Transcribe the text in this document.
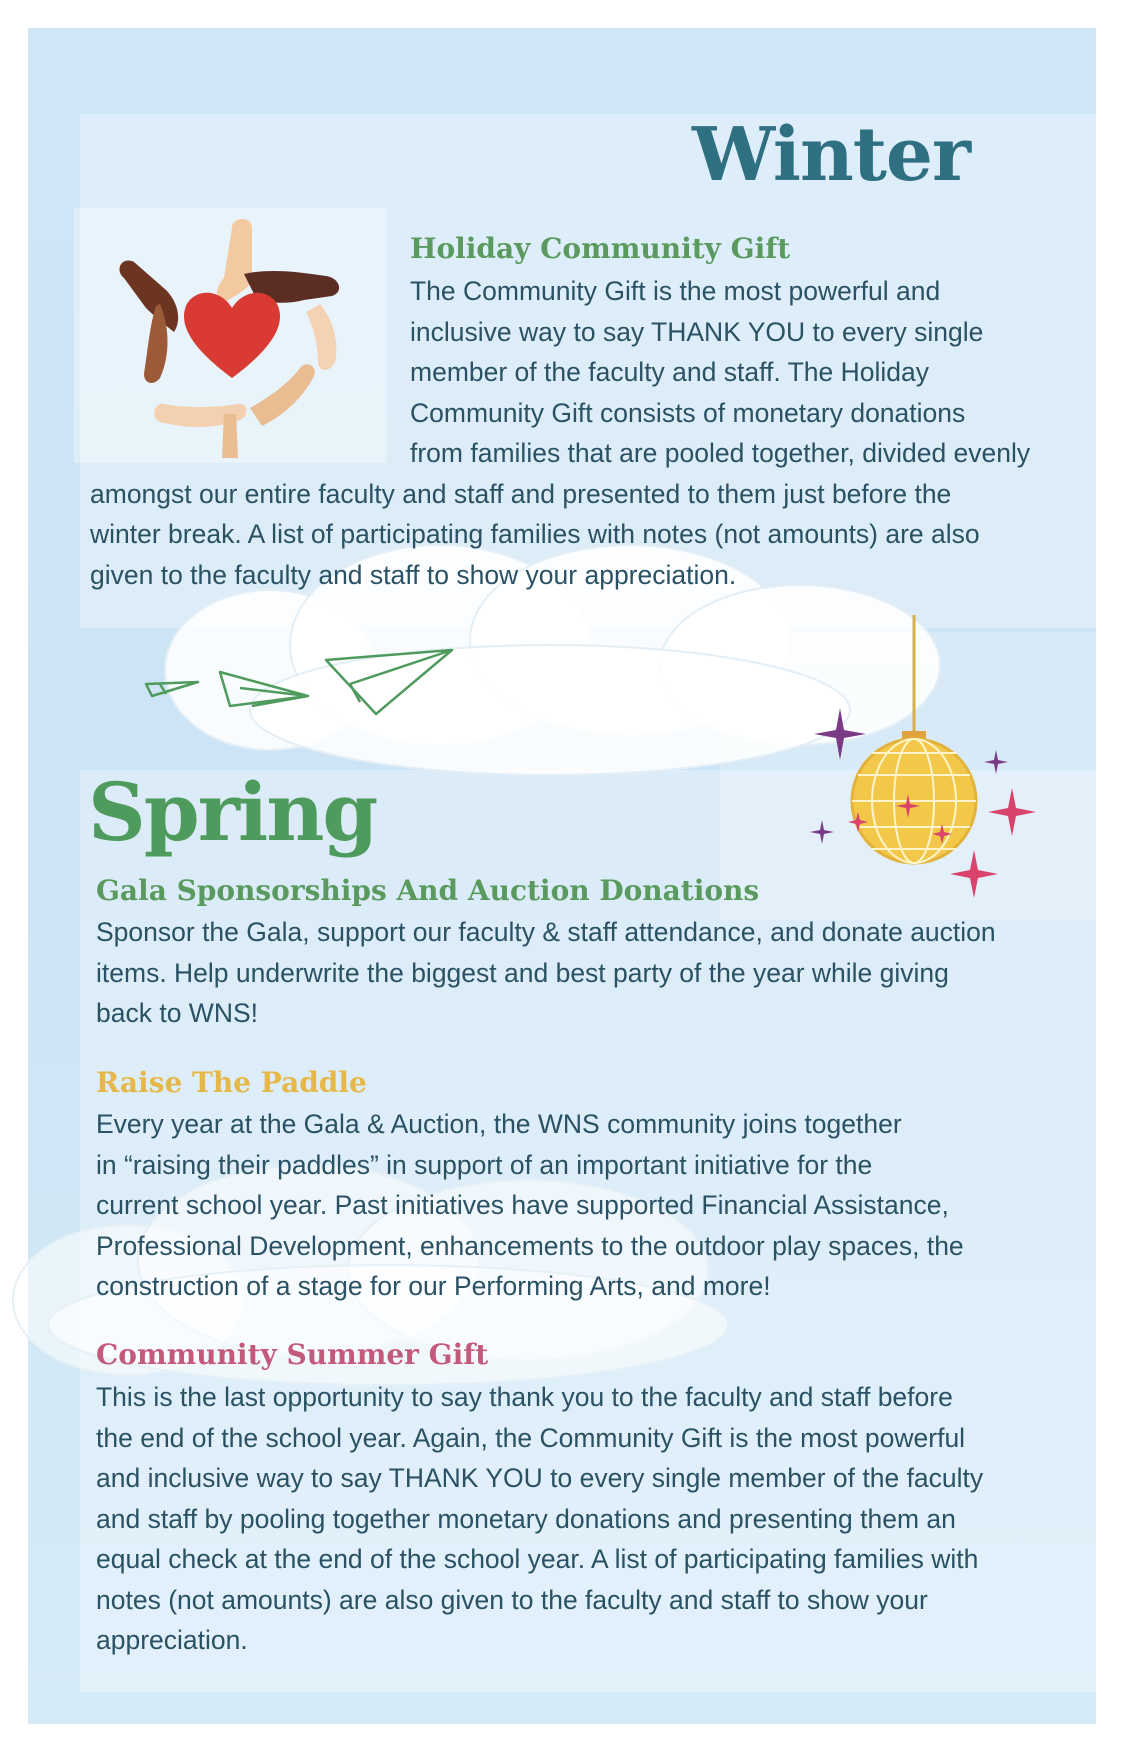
Winter
Holiday Community Gift

The Community Gift is the most powerful and
inclusive way to say THANK YOU to every single
member of the faculty and staff. The Holiday
Community Gift consists of monetary donations
from families that are pooled together, divided evenly
amongst our entire faculty and staff and presented to them just before the
winter break. A list of participating families with notes (not amounts) are also
given to the faculty and staff to show your appreciation.

Spring
Gala Sponsorships And Auction Donations

Sponsor the Gala, support our faculty & staff attendance, and donate auction
items. Help underwrite the biggest and best party of the year while giving
back to WNS!

Raise The Paddle

Every year at the Gala & Auction, the WNS community joins together
in “raising their paddles” in support of an important initiative for the
current school year. Past initiatives have supported Financial Assistance,
Professional Development, enhancements to the outdoor play spaces, the
construction of a stage for our Performing Arts, and more!

Community Summer Gift

This is the last opportunity to say thank you to the faculty and staff before
the end of the school year. Again, the Community Gift is the most powerful
and inclusive way to say THANK YOU to every single member of the faculty
and staff by pooling together monetary donations and presenting them an
equal check at the end of the school year. A list of participating families with
notes (not amounts) are also given to the faculty and staff to show your
appreciation.
